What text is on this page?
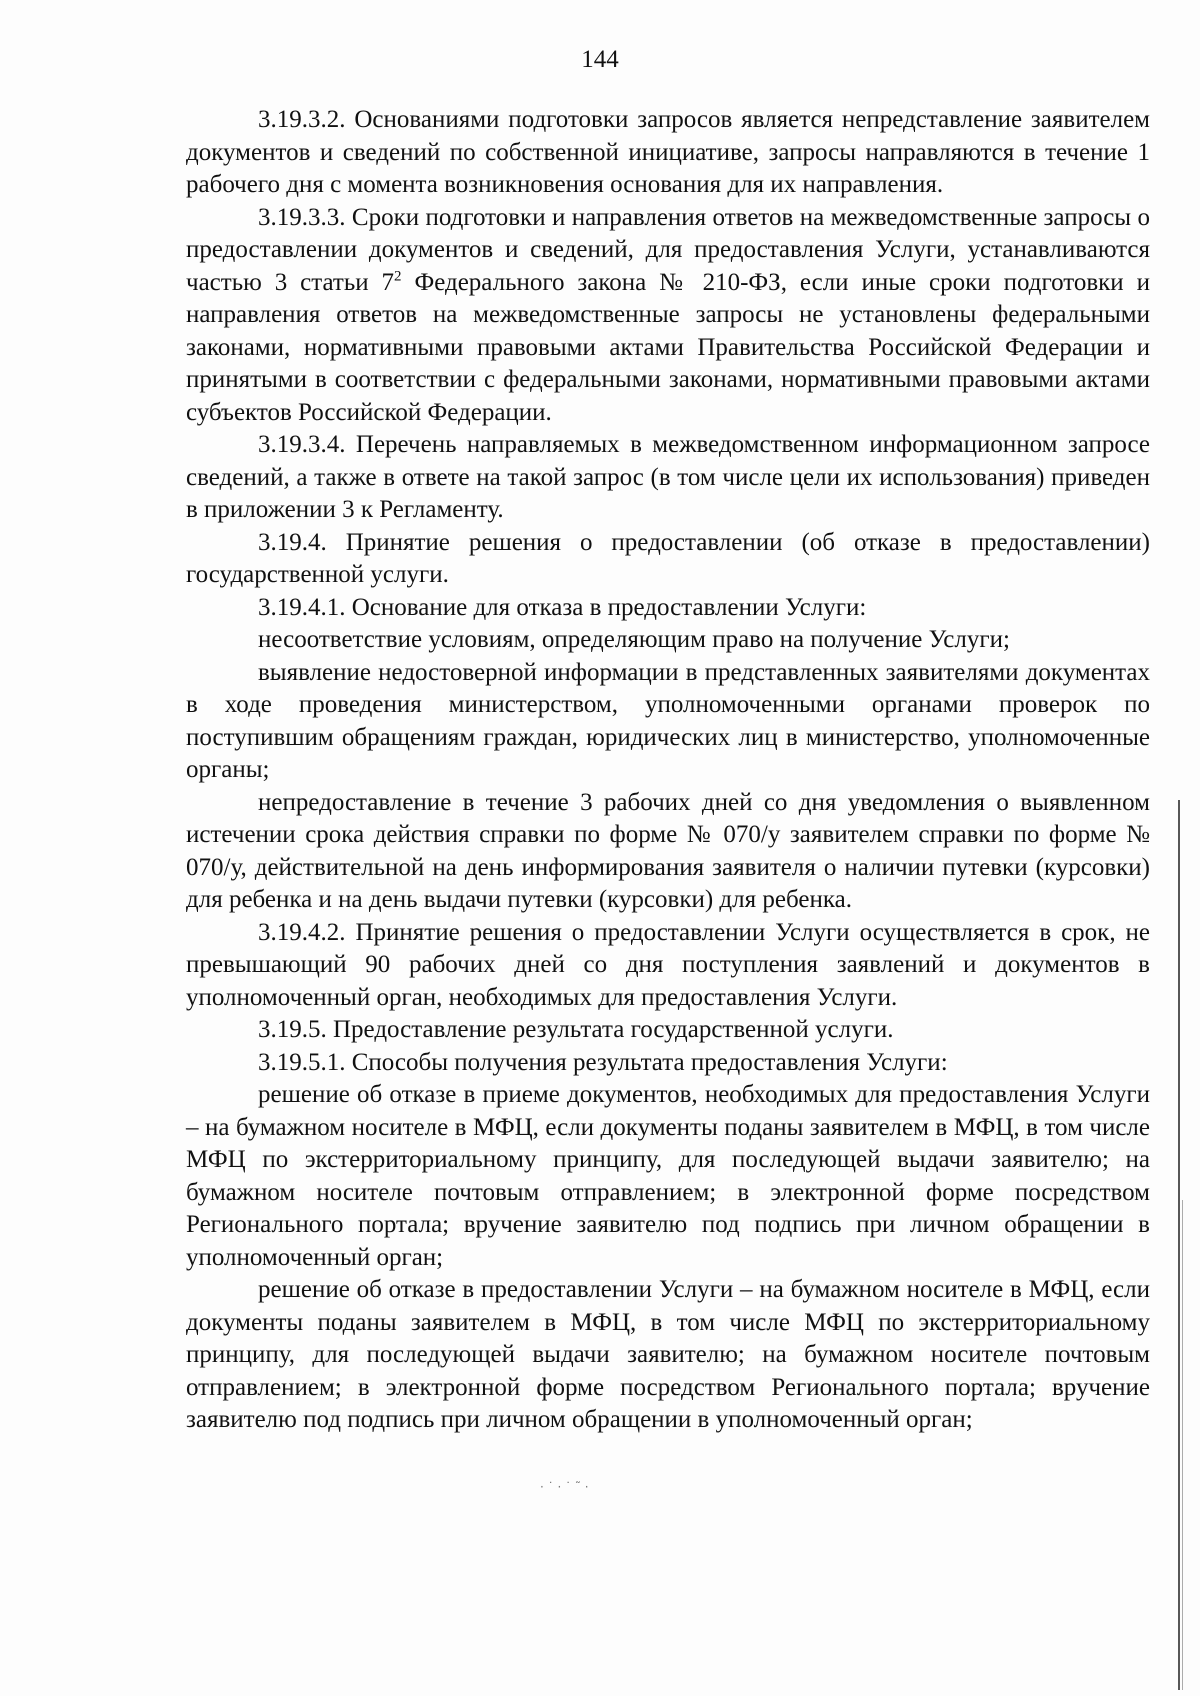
144

3.19.3.2. Основаниями подготовки запросов является непредставление заявителем документов и сведений по собственной инициативе, запросы направляются в течение 1 рабочего дня с момента возникновения основания для их направления.

3.19.3.3. Сроки подготовки и направления ответов на межведомственные запросы о предоставлении документов и сведений, для предоставления Услуги, устанавливаются частью 3 статьи $7^2$ Федерального закона № 210-ФЗ, если иные сроки подготовки и направления ответов на межведомственные запросы не установлены федеральными законами, нормативными правовыми актами Правительства Российской Федерации и принятыми в соответствии с федеральными законами, нормативными правовыми актами субъектов Российской Федерации.

3.19.3.4. Перечень направляемых в межведомственном информационном запросе сведений, а также в ответе на такой запрос (в том числе цели их использования) приведен в приложении 3 к Регламенту.

3.19.4. Принятие решения о предоставлении (об отказе в предоставлении) государственной услуги.

3.19.4.1. Основание для отказа в предоставлении Услуги:

несоответствие условиям, определяющим право на получение Услуги;

выявление недостоверной информации в представленных заявителями документах в ходе проведения министерством, уполномоченными органами проверок по поступившим обращениям граждан, юридических лиц в министерство, уполномоченные органы;

непредоставление в течение 3 рабочих дней со дня уведомления о выявленном истечении срока действия справки по форме № 070/у заявителем справки по форме № 070/у, действительной на день информирования заявителя о наличии путевки (курсовки) для ребенка и на день выдачи путевки (курсовки) для ребенка.

3.19.4.2. Принятие решения о предоставлении Услуги осуществляется в срок, не превышающий 90 рабочих дней со дня поступления заявлений и документов в уполномоченный орган, необходимых для предоставления Услуги.

3.19.5. Предоставление результата государственной услуги.

3.19.5.1. Способы получения результата предоставления Услуги:

решение об отказе в приеме документов, необходимых для предоставления Услуги – на бумажном носителе в МФЦ, если документы поданы заявителем в МФЦ, в том числе МФЦ по экстерриториальному принципу, для последующей выдачи заявителю; на бумажном носителе почтовым отправлением; в электронной форме посредством Регионального портала; вручение заявителю под подпись при личном обращении в уполномоченный орган;

решение об отказе в предоставлении Услуги – на бумажном носителе в МФЦ, если документы поданы заявителем в МФЦ, в том числе МФЦ по экстерриториальному принципу, для последующей выдачи заявителю; на бумажном носителе почтовым отправлением; в электронной форме посредством Регионального портала; вручение заявителю под подпись при личном обращении в уполномоченный орган;

· ˙ · ˙ ˜ ·
